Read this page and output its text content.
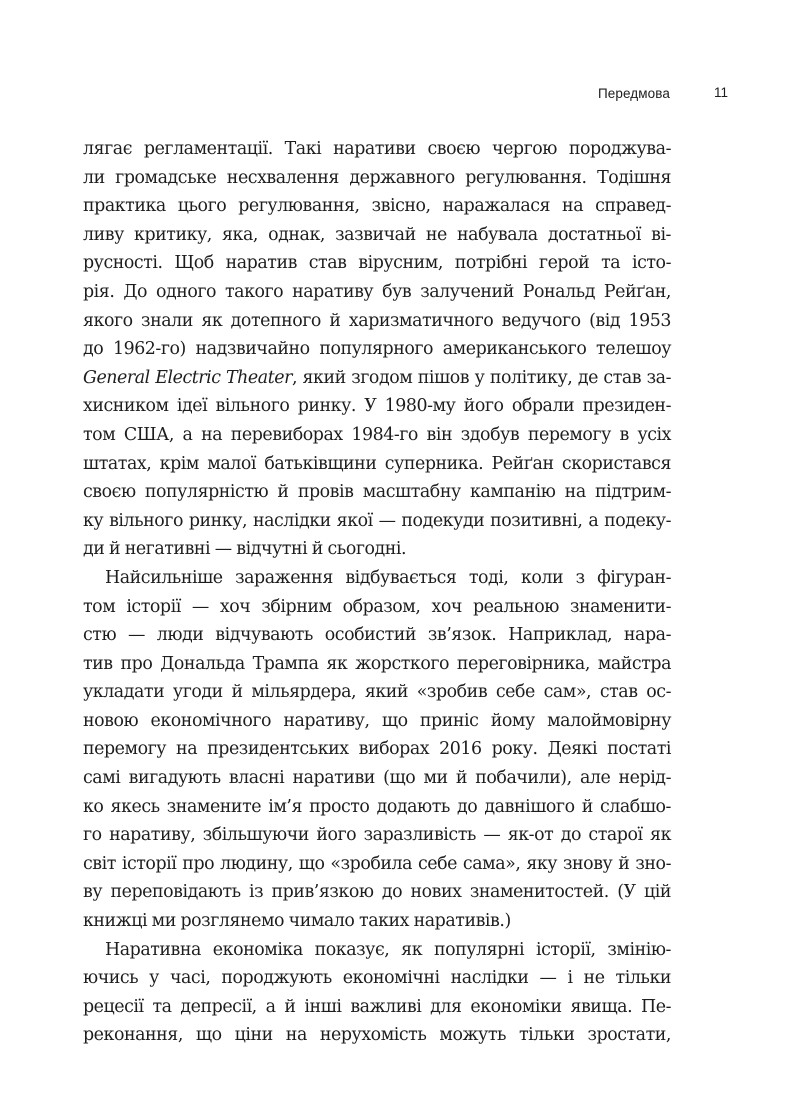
Передмова	11
лягає регламентації. Такі наративи своєю чергою породжува-
ли громадське несхвалення державного регулювання. Тодішня
практика цього регулювання, звісно, наражалася на справед-
ливу критику, яка, однак, зазвичай не набувала достатньої ві-
русності. Щоб наратив став вірусним, потрібні герой та істо-
рія. До одного такого наративу був залучений Рональд Рейґан,
якого знали як дотепного й харизматичного ведучого (від 1953
до 1962-го) надзвичайно популярного американського телешоу
General Electric Theater, який згодом пішов у політику, де став за-
хисником ідеї вільного ринку. У 1980-му його обрали президен-
том США, а на перевиборах 1984-го він здобув перемогу в усіх
штатах, крім малої батьківщини суперника. Рейґан скористався
своєю популярністю й провів масштабну кампанію на підтрим-
ку вільного ринку, наслідки якої — подекуди позитивні, а подеку-
ди й негативні — відчутні й сьогодні.
Найсильніше зараження відбувається тоді, коли з фігуран-
том історії — хоч збірним образом, хоч реальною знаменити-
стю — люди відчувають особистий зв’язок. Наприклад, нара-
тив про Дональда Трампа як жорсткого переговірника, майстра
укладати угоди й мільярдера, який «зробив себе сам», став ос-
новою економічного наративу, що приніс йому малоймовірну
перемогу на президентських виборах 2016 року. Деякі постаті
самі вигадують власні наративи (що ми й побачили), але нерід-
ко якесь знамените ім’я просто додають до давнішого й слабшо-
го наративу, збільшуючи його заразливість — як-от до старої як
світ історії про людину, що «зробила себе сама», яку знову й зно-
ву переповідають із прив’язкою до нових знаменитостей. (У цій
книжці ми розглянемо чимало таких наративів.)
Наративна економіка показує, як популярні історії, змінію-
ючись у часі, породжують економічні наслідки — і не тільки
рецесії та депресії, а й інші важливі для економіки явища. Пе-
реконання, що ціни на нерухомість можуть тільки зростати,
